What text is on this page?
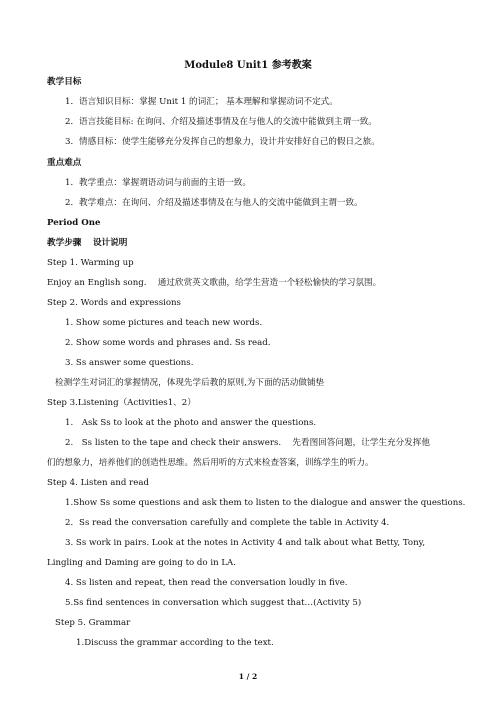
Module8 Unit1 参考教案
教学目标
1．语言知识目标：掌握 Unit 1 的词汇； 基本理解和掌握动词不定式。
2．语言技能目标: 在询问、介绍及描述事情及在与他人的交流中能做到主谓一致。
3．情感目标：使学生能够充分发挥自己的想象力，设计并安排好自己的假日之旅。
重点难点
1．教学重点：掌握谓语动词与前面的主语一致。
2．教学难点：在询问、介绍及描述事情及在与他人的交流中能做到主谓一致。
Period One
教学步骤　 设计说明
Step 1. Warming up
Enjoy an English song.　 通过欣赏英文歌曲，给学生营造一个轻松愉快的学习氛围。
Step 2. Words and expressions
1. Show some pictures and teach new words.
2. Show some words and phrases and. Ss read.
3. Ss answer some questions.
检测学生对词汇的掌握情况，体现先学后教的原则,为下面的活动做铺垫
Step 3.Listening（Activities1、2）
1.　Ask Ss to look at the photo and answer the questions.
2.　Ss listen to the tape and check their answers.　 先看图回答问题，让学生充分发挥他
们的想象力，培养他们的创造性思维。然后用听的方式来检查答案，训练学生的听力。
Step 4. Listen and read
1.Show Ss some questions and ask them to listen to the dialogue and answer the questions.
2．Ss read the conversation carefully and complete the table in Activity 4.
3. Ss work in pairs. Look at the notes in Activity 4 and talk about what Betty, Tony,
Lingling and Daming are going to do in LA.
4. Ss listen and repeat, then read the conversation loudly in five.
5.Ss find sentences in conversation which suggest that…(Activity 5)
Step 5. Grammar
1.Discuss the grammar according to the text.
1 / 2
